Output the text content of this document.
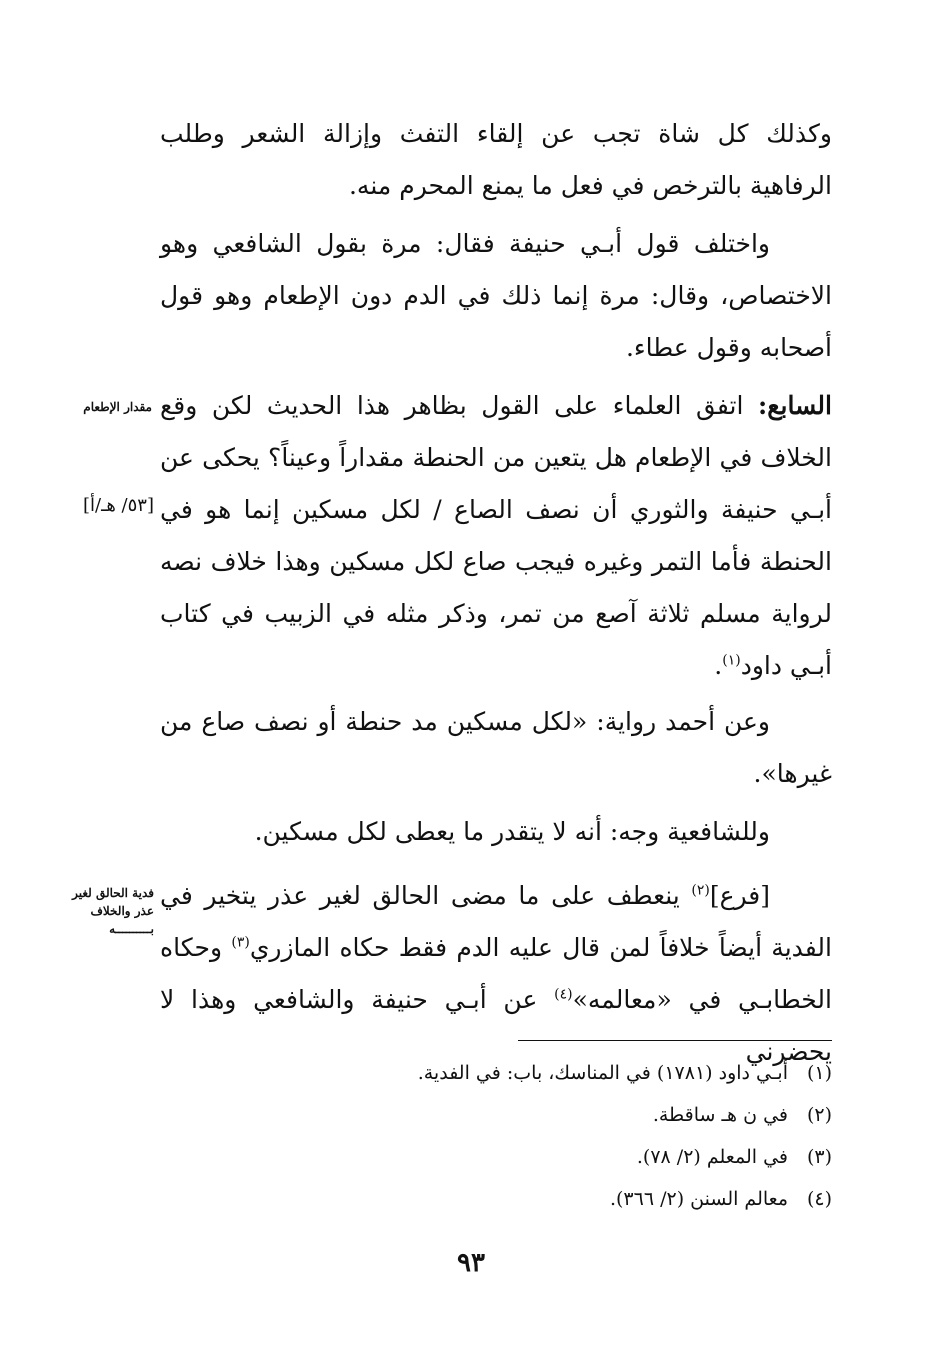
وكذلك كل شاة تجب عن إلقاء التفث وإزالة الشعر وطلب الرفاهية بالترخص في فعل ما يمنع المحرم منه.

واختلف قول أبـي حنيفة فقال: مرة بقول الشافعي وهو الاختصاص، وقال: مرة إنما ذلك في الدم دون الإطعام وهو قول أصحابه وقول عطاء.

السابع: اتفق العلماء على القول بظاهر هذا الحديث لكن وقع الخلاف في الإطعام هل يتعين من الحنطة مقداراً وعيناً؟ يحكى عن أبـي حنيفة والثوري أن نصف الصاع / لكل مسكين إنما هو في الحنطة فأما التمر وغيره فيجب صاع لكل مسكين وهذا خلاف نصه لرواية مسلم ثلاثة آصع من تمر، وذكر مثله في الزبيب في كتاب أبـي داود$^{(١)}$.

وعن أحمد رواية: «لكل مسكين مد حنطة أو نصف صاع من غيرها».

وللشافعية وجه: أنه لا يتقدر ما يعطى لكل مسكين.

[فرع]$^{(٢)}$ ينعطف على ما مضى الحالق لغير عذر يتخير في الفدية أيضاً خلافاً لمن قال عليه الدم فقط حكاه المازري$^{(٣)}$ وحكاه الخطابـي في «معالمه»$^{(٤)}$ عن أبـي حنيفة والشافعي وهذا لا يحضرني

مقدار الإطعام
[٥٣/ هـ/أ]
فدية الحالق لغير
عذر والخلاف
بــــــــــه
(١)أبـي داود (١٧٨١) في المناسك، باب: في الفدية.
(٢)في ن هـ ساقطة.
(٣)في المعلم (٢/ ٧٨).
(٤)معالم السنن (٢/ ٣٦٦).
٩٣
